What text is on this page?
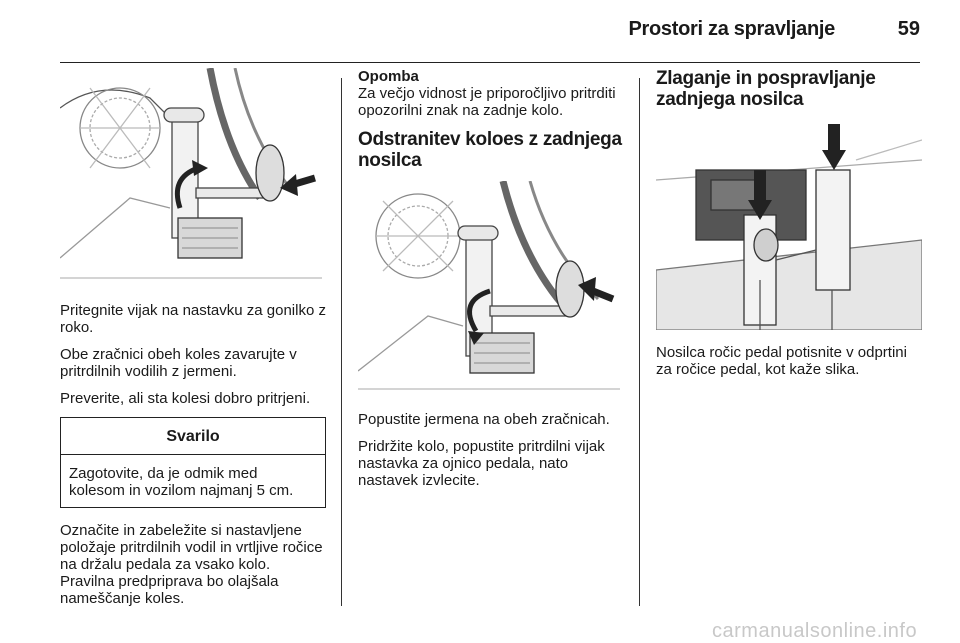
Prostori za spravljanje	59

Pritegnite vijak na nastavku za gonilko z roko.

Obe zračnici obeh koles zavarujte v pritrdilnih vodilih z jermeni.

Preverite, ali sta kolesi dobro pritrjeni.

Svarilo
Zagotovite, da je odmik med kolesom in vozilom najmanj 5 cm.

Označite in zabeležite si nastavljene položaje pritrdilnih vodil in vrtljive ročice na držalu pedala za vsako kolo. Pravilna predpriprava bo olajšala nameščanje koles.

Opomba
Za večjo vidnost je priporočljivo pritrditi opozorilni znak na zadnje kolo.
Odstranitev koloes z zadnjega nosilca

Popustite jermena na obeh zračnicah.

Pridržite kolo, popustite pritrdilni vijak nastavka za ojnico pedala, nato nastavek izvlecite.

Zlaganje in pospravljanje zadnjega nosilca

Nosilca ročic pedal potisnite v odprtini za ročice pedal, kot kaže slika.

carmanualsonline.info
